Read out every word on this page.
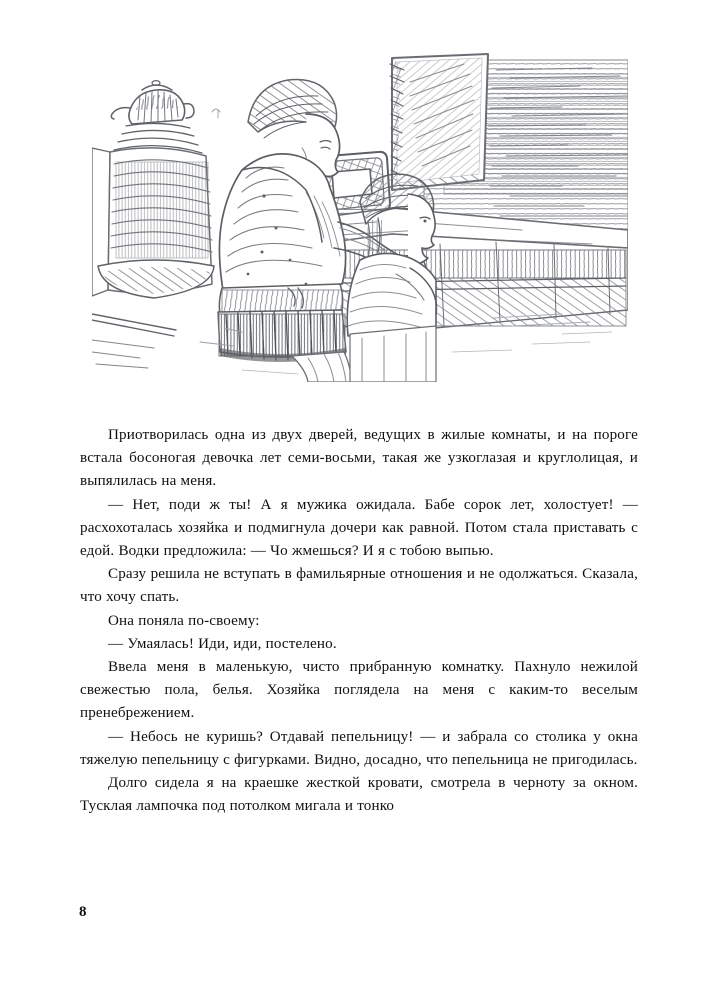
Приотворилась одна из двух дверей, ведущих в жилые комнаты, и на пороге встала босоногая девочка лет семи-восьми, такая же узкоглазая и круглолицая, и выпялилась на меня.

— Нет, поди ж ты! А я мужика ожидала. Бабе сорок лет, холостует! — расхохоталась хозяйка и подмигнула дочери как равной. Потом стала приставать с едой. Водки предложила: — Чо жмешься? И я с тобою выпью.

Сразу решила не вступать в фамильярные отношения и не одолжаться. Сказала, что хочу спать.

Она поняла по-своему:

— Умаялась! Иди, иди, постелено.

Ввела меня в маленькую, чисто прибранную комнатку. Пахнуло нежилой свежестью пола, белья. Хозяйка поглядела на меня с каким-то веселым пренебрежением.

— Небось не куришь? Отдавай пепельницу! — и забрала со столика у окна тяжелую пепельницу с фигурками. Видно, досадно, что пепельница не пригодилась.

Долго сидела я на краешке жесткой кровати, смотрела в черноту за окном. Тусклая лампочка под потолком мигала и тонко

8
